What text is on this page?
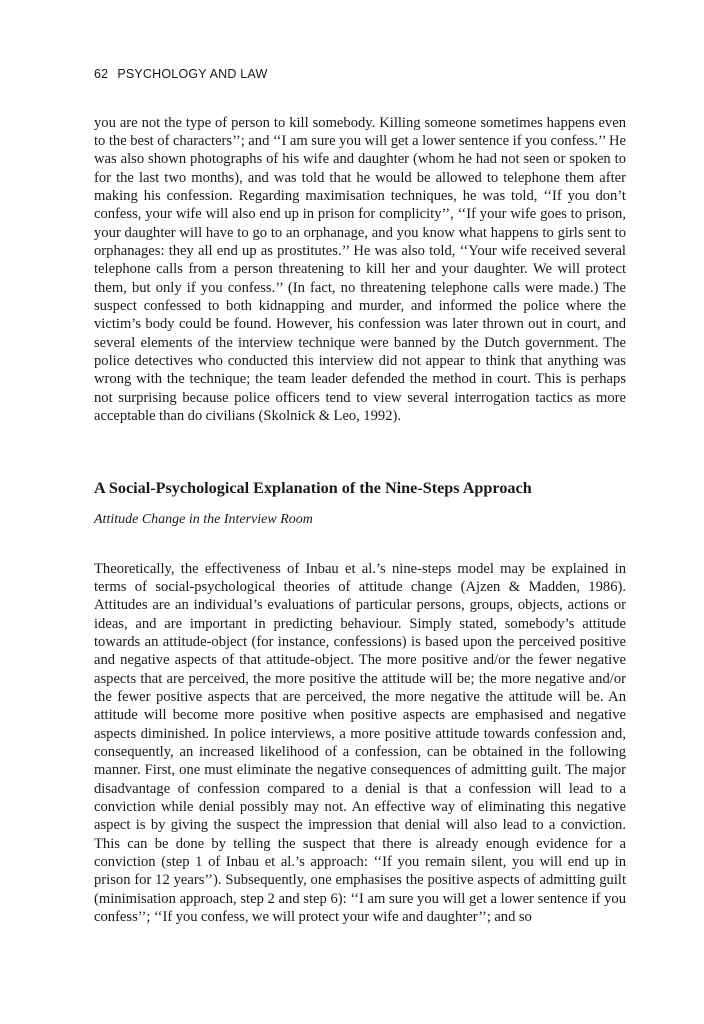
62 PSYCHOLOGY AND LAW

you are not the type of person to kill somebody. Killing someone sometimes happens even to the best of characters’’; and ‘‘I am sure you will get a lower sentence if you confess.’’ He was also shown photographs of his wife and daughter (whom he had not seen or spoken to for the last two months), and was told that he would be allowed to telephone them after making his confession. Regarding maximisation techniques, he was told, ‘‘If you don’t confess, your wife will also end up in prison for complicity’’, ‘‘If your wife goes to prison, your daughter will have to go to an orphanage, and you know what happens to girls sent to orphanages: they all end up as prostitutes.’’ He was also told, ‘‘Your wife received several telephone calls from a person threatening to kill her and your daughter. We will protect them, but only if you confess.’’ (In fact, no threatening telephone calls were made.) The suspect confessed to both kidnapping and murder, and informed the police where the victim’s body could be found. However, his confession was later thrown out in court, and several elements of the interview technique were banned by the Dutch government. The police detectives who conducted this interview did not appear to think that anything was wrong with the technique; the team leader defended the method in court. This is perhaps not surprising because police officers tend to view several interrogation tactics as more acceptable than do civilians (Skolnick & Leo, 1992).

A Social-Psychological Explanation of the Nine-Steps Approach
Attitude Change in the Interview Room

Theoretically, the effectiveness of Inbau et al.’s nine-steps model may be explained in terms of social-psychological theories of attitude change (Ajzen & Madden, 1986). Attitudes are an individual’s evaluations of particular persons, groups, objects, actions or ideas, and are important in predicting behaviour. Simply stated, somebody’s attitude towards an attitude-object (for instance, confessions) is based upon the perceived positive and negative aspects of that attitude-object. The more positive and/or the fewer negative aspects that are perceived, the more positive the attitude will be; the more negative and/or the fewer positive aspects that are perceived, the more negative the attitude will be. An attitude will become more positive when positive aspects are emphasised and negative aspects diminished. In police interviews, a more positive attitude towards confession and, consequently, an increased likelihood of a confession, can be obtained in the following manner. First, one must eliminate the negative consequences of admitting guilt. The major disadvantage of confession compared to a denial is that a confession will lead to a conviction while denial possibly may not. An effective way of eliminating this negative aspect is by giving the suspect the impression that denial will also lead to a conviction. This can be done by telling the suspect that there is already enough evidence for a conviction (step 1 of Inbau et al.’s approach: ‘‘If you remain silent, you will end up in prison for 12 years’’). Subsequently, one emphasises the positive aspects of admitting guilt (minimisation approach, step 2 and step 6): ‘‘I am sure you will get a lower sentence if you confess’’; ‘‘If you confess, we will protect your wife and daughter’’; and so
